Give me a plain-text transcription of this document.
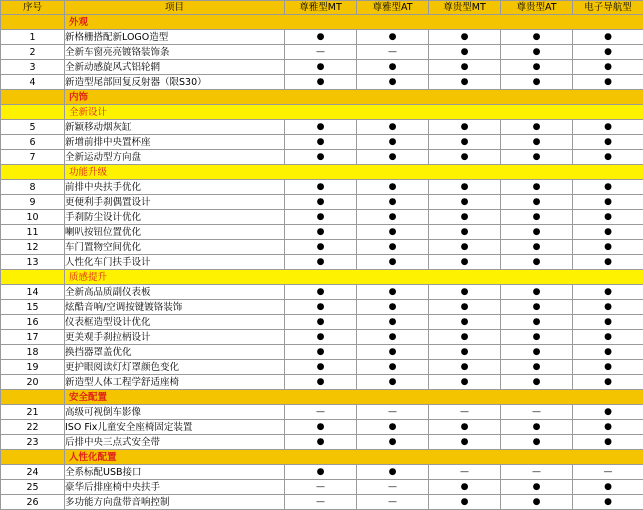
序号	项目	尊雅型MT	尊雅型AT	尊贵型MT	尊贵型AT	电子导航型
	外观					
1	新格栅搭配新LOGO造型	●	●	●	●	●
2	全新车窗亮亮镀铬装饰条	—	—	●	●	●
3	全新动感旋风式铝轮辋	●	●	●	●	●
4	新造型尾部回复反射器（限S30）	●	●	●	●	●
	内饰					
	全新设计					
5	新颖移动烟灰缸	●	●	●	●	●
6	新增前排中央置杯座	●	●	●	●	●
7	全新运动型方向盘	●	●	●	●	●
	功能升级					
8	前排中央扶手优化	●	●	●	●	●
9	更便利手刹偶置设计	●	●	●	●	●
10	手刹防尘设计优化	●	●	●	●	●
11	喇叭按钮位置优化	●	●	●	●	●
12	车门置物空间优化	●	●	●	●	●
13	人性化车门扶手设计	●	●	●	●	●
	质感提升					
14	全新高品质副仪表板	●	●	●	●	●
15	炫酷音响/空调按键镀铬装饰	●	●	●	●	●
16	仪表框造型设计优化	●	●	●	●	●
17	更美观手刹拉柄设计	●	●	●	●	●
18	换挡器罩盖优化	●	●	●	●	●
19	更护眼阅读灯灯罩颜色变化	●	●	●	●	●
20	新造型人体工程学舒适座椅	●	●	●	●	●
	安全配置					
21	高级可视倒车影像	—	—	—	—	●
22	ISO Fix儿童安全座椅固定装置	●	●	●	●	●
23	后排中央三点式安全带	●	●	●	●	●
	人性化配置					
24	全系标配USB接口	●	●	—	—	—
25	豪华后排座椅中央扶手	—	—	●	●	●
26	多功能方向盘带音响控制	—	—	●	●	●
